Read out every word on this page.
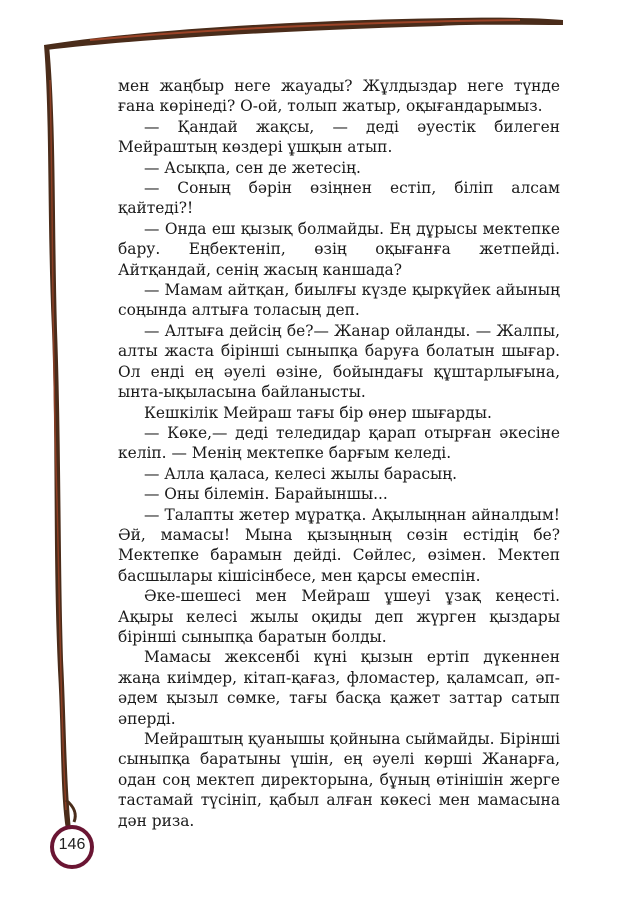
мен жаңбыр неге жауады? Жұлдыздар неге түнде ғана көрінеді? О-ой, толып жатыр, оқығандарымыз.

— Қандай жақсы, — деді әуестік билеген Мейраштың көздері ұшқын атып.

— Асықпа, сен де жетесің.

— Соның бәрін өзіңнен естіп, біліп алсам қайтеді?!

— Онда еш қызық болмайды. Ең дұрысы мектепке бару. Еңбектеніп, өзің оқығанға жетпейді. Айтқандай, сенің жасың каншада?

— Мамам айтқан, биылғы күзде қыркүйек айының соңында алтыға толасың деп.

— Алтыға дейсің бе?— Жанар ойланды. — Жалпы, алты жаста бірінші сыныпқа баруға болатын шығар. Ол енді ең әуелі өзіне, бойындағы құштарлығына, ынта-ықыласына байланысты.

Кешкілік Мейраш тағы бір өнер шығарды.

— Көке,— деді теледидар қарап отырған әкесіне келіп. — Менің мектепке барғым келеді.

— Алла қаласа, келесі жылы барасың.

— Оны білемін. Барайыншы...

— Талапты жетер мұратқа. Ақылыңнан айналдым! Әй, мамасы! Мына қызыңның сөзін естідің бе? Мектепке барамын дейді. Сөйлес, өзімен. Мектеп басшылары кішісінбесе, мен қарсы емеспін.

Әке-шешесі мен Мейраш ұшеуі ұзақ кеңесті. Ақыры келесі жылы оқиды деп жүрген қыздары бірінші сыныпқа баратын болды.

Мамасы жексенбі күні қызын ертіп дүкеннен жаңа киімдер, кітап-қағаз, фломастер, қаламсап, әп-әдем қызыл сөмке, тағы басқа қажет заттар сатып әперді.

Мейраштың қуанышы қойнына сыймайды. Бірінші сыныпқа баратыны үшін, ең әуелі көрші Жанарға, одан соң мектеп директорына, бұның өтінішін жерге тастамай түсініп, қабыл алған көкесі мен мамасына дән риза.

146
